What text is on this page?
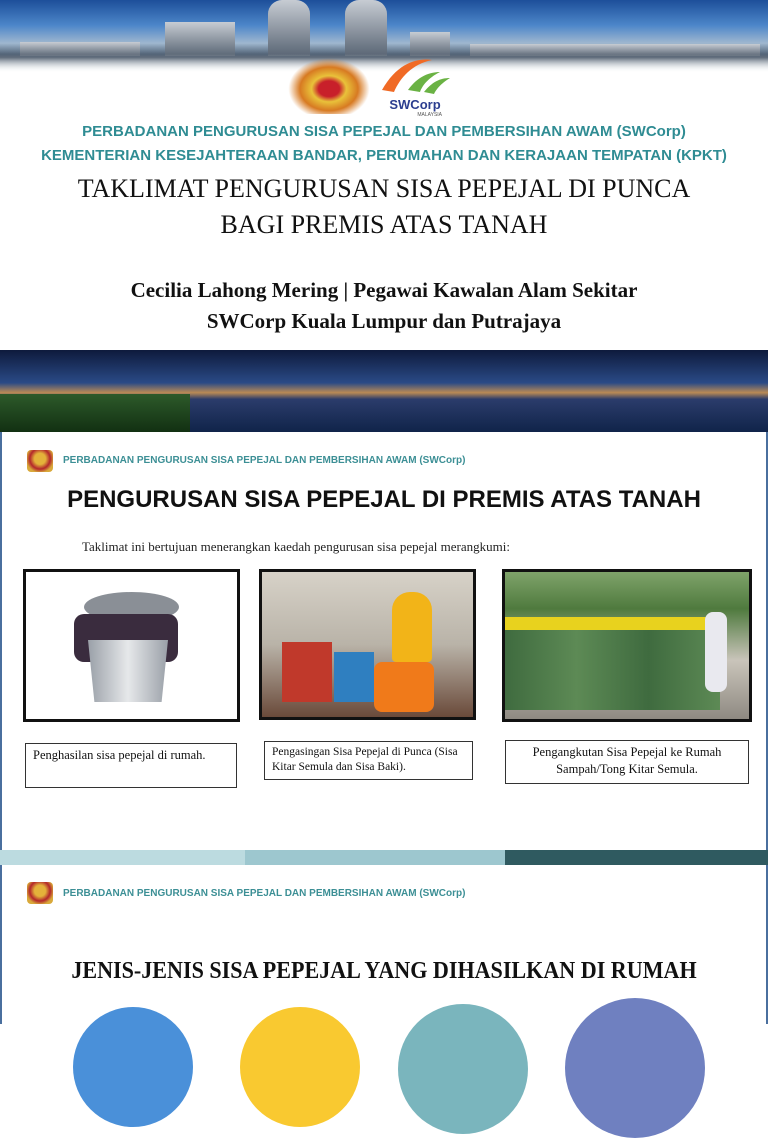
SWCorp
MALAYSIA
PERBADANAN PENGURUSAN SISA PEPEJAL DAN PEMBERSIHAN AWAM (SWCorp)
KEMENTERIAN KESEJAHTERAAN BANDAR, PERUMAHAN DAN KERAJAAN TEMPATAN (KPKT)
TAKLIMAT PENGURUSAN SISA PEPEJAL DI PUNCA
BAGI PREMIS ATAS TANAH
Cecilia Lahong Mering | Pegawai Kawalan Alam Sekitar
SWCorp Kuala Lumpur dan Putrajaya
PERBADANAN PENGURUSAN SISA PEPEJAL DAN PEMBERSIHAN AWAM (SWCorp)
PENGURUSAN SISA PEPEJAL DI PREMIS ATAS TANAH
Taklimat ini bertujuan menerangkan kaedah pengurusan sisa pepejal merangkumi:
Penghasilan sisa pepejal di rumah.	Pengasingan Sisa Pepejal di Punca (Sisa Kitar Semula dan Sisa Baki).
Pengangkutan Sisa Pepejal ke Rumah Sampah/Tong Kitar Semula.
PERBADANAN PENGURUSAN SISA PEPEJAL DAN PEMBERSIHAN AWAM (SWCorp)
JENIS-JENIS SISA PEPEJAL YANG DIHASILKAN DI RUMAH
